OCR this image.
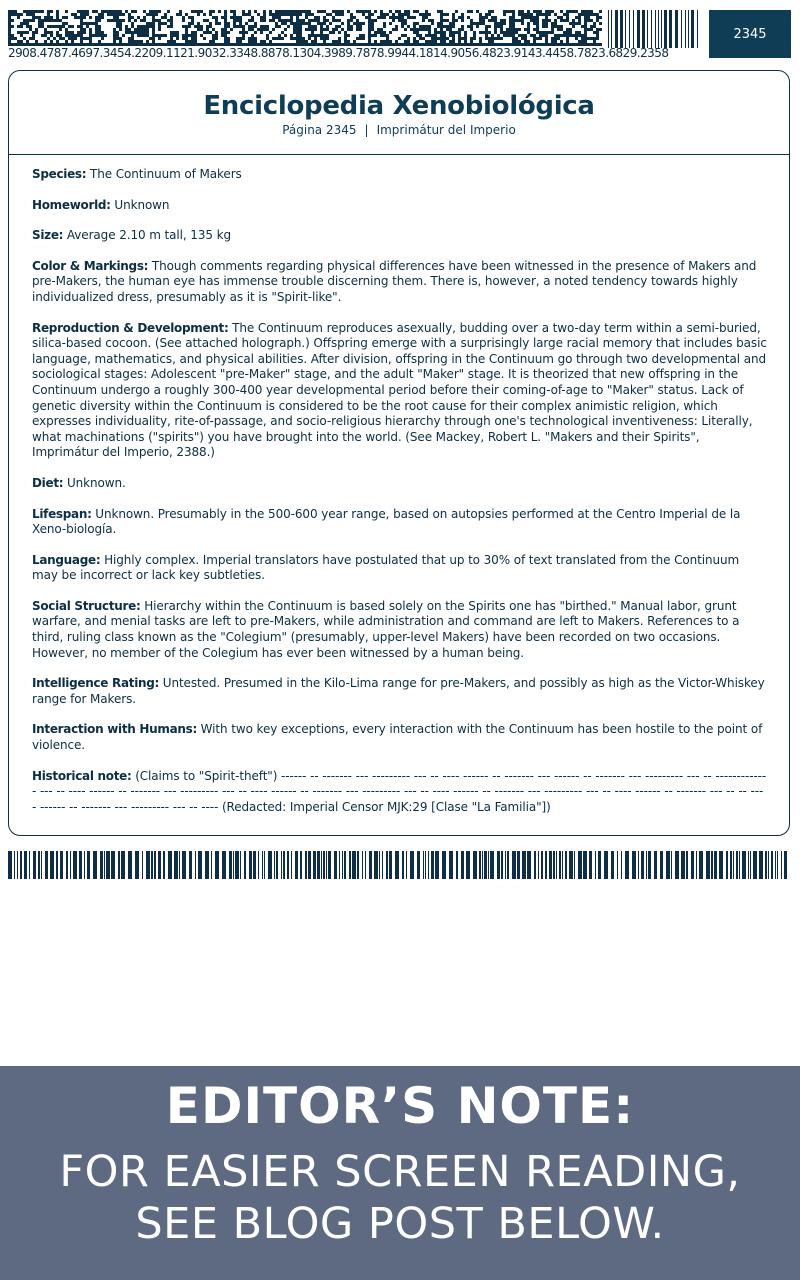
2908.4787.4697.3454.2209.1121.9032.3348.8878.1304.3989.7878.9944.1814.9056.4823.9143.4458.7823.6829.2358
2345
Enciclopedia Xenobiológica
Página 2345 | Imprimátur del Imperio

Species: The Continuum of Makers

Homeworld: Unknown

Size: Average 2.10 m tall, 135 kg

Color & Markings: Though comments regarding physical differences have been witnessed in the presence of Makers and pre-Makers, the human eye has immense trouble discerning them. There is, however, a noted tendency towards highly individualized dress, presumably as it is "Spirit-like".

Reproduction & Development: The Continuum reproduces asexually, budding over a two-day term within a semi-buried, silica-based cocoon. (See attached holograph.) Offspring emerge with a surprisingly large racial memory that includes basic language, mathematics, and physical abilities. After division, offspring in the Continuum go through two developmental and sociological stages: Adolescent "pre-Maker" stage, and the adult "Maker" stage. It is theorized that new offspring in the Continuum undergo a roughly 300-400 year developmental period before their coming-of-age to "Maker" status. Lack of genetic diversity within the Continuum is considered to be the root cause for their complex animistic religion, which expresses individuality, rite-of-passage, and socio-religious hierarchy through one's technological inventiveness: Literally, what machinations ("spirits") you have brought into the world. (See Mackey, Robert L. "Makers and their Spirits", Imprimátur del Imperio, 2388.)

Diet: Unknown.

Lifespan: Unknown. Presumably in the 500-600 year range, based on autopsies performed at the Centro Imperial de la Xeno-biología.

Language: Highly complex. Imperial translators have postulated that up to 30% of text translated from the Continuum may be incorrect or lack key subtleties.

Social Structure: Hierarchy within the Continuum is based solely on the Spirits one has "birthed." Manual labor, grunt warfare, and menial tasks are left to pre-Makers, while administration and command are left to Makers. References to a third, ruling class known as the "Colegium" (presumably, upper-level Makers) have been recorded on two occasions. However, no member of the Colegium has ever been witnessed by a human being.

Intelligence Rating: Untested. Presumed in the Kilo-Lima range for pre-Makers, and possibly as high as the Victor-Whiskey range for Makers.

Interaction with Humans: With two key exceptions, every interaction with the Continuum has been hostile to the point of violence.

Historical note: (Claims to "Spirit-theft") ------ -- ------- --- --------- --- -- ---- ------ -- ------- --- ------ -- ------- --- --------- --- -- ------------- --- -- ---- ------ -- ------- --- --------- --- -- ---- ------ -- ------- --- --------- --- -- ---- ------ -- ------- --- --------- --- -- ---- ------ -- ------- --- -- -- ---- ------ -- ------- --- --------- --- -- ---- (Redacted: Imperial Censor MJK:29 [Clase "La Familia"])

EDITOR’S NOTE:
FOR EASIER SCREEN READING,
SEE BLOG POST BELOW.
